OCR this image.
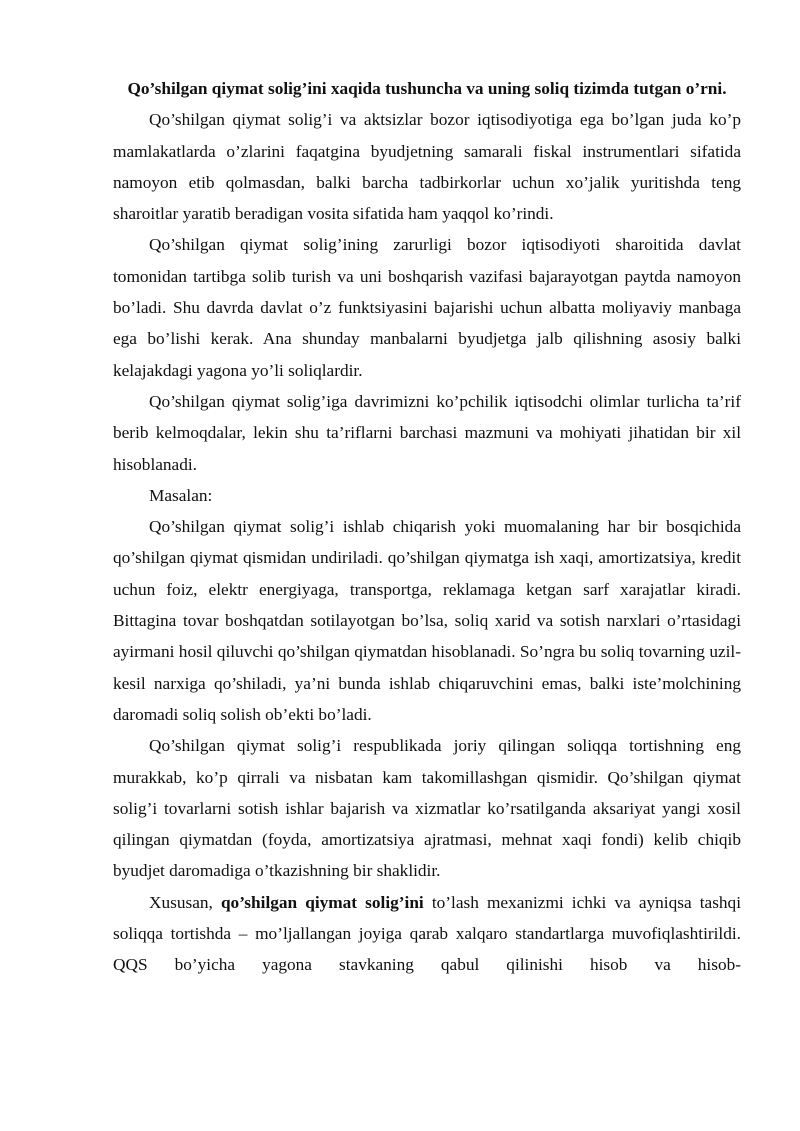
Qo’shilgan qiymat solig’ini xaqida tushuncha va uning soliq tizimda tutgan o’rni.

Qo’shilgan qiymat solig’i va aktsizlar bozor iqtisodiyotiga ega bo’lgan juda ko’p mamlakatlarda o’zlarini faqatgina byudjetning samarali fiskal instrumentlari sifatida namoyon etib qolmasdan, balki barcha tadbirkorlar uchun xo’jalik yuritishda teng sharoitlar yaratib beradigan vosita sifatida ham yaqqol ko’rindi.

Qo’shilgan qiymat solig’ining zarurligi bozor iqtisodiyoti sharoitida davlat tomonidan tartibga solib turish va uni boshqarish vazifasi bajarayotgan paytda namoyon bo’ladi. Shu davrda davlat o’z funktsiyasini bajarishi uchun albatta moliyaviy manbaga ega bo’lishi kerak. Ana shunday manbalarni byudjetga jalb qilishning asosiy balki kelajakdagi yagona yo’li soliqlardir.

Qo’shilgan qiymat solig’iga davrimizni ko’pchilik iqtisodchi olimlar turlicha ta’rif berib kelmoqdalar, lekin shu ta’riflarni barchasi mazmuni va mohiyati jihatidan bir xil hisoblanadi.

Masalan:

Qo’shilgan qiymat solig’i ishlab chiqarish yoki muomalaning har bir bosqichida qo’shilgan qiymat qismidan undiriladi. qo’shilgan qiymatga ish xaqi, amortizatsiya, kredit uchun foiz, elektr energiyaga, transportga, reklamaga ketgan sarf xarajatlar kiradi. Bittagina tovar boshqatdan sotilayotgan bo’lsa, soliq xarid va sotish narxlari o’rtasidagi ayirmani hosil qiluvchi qo’shilgan qiymatdan hisoblanadi. So’ngra bu soliq tovarning uzil-kesil narxiga qo’shiladi, ya’ni bunda ishlab chiqaruvchini emas, balki iste’molchining daromadi soliq solish ob’ekti bo’ladi.

Qo’shilgan qiymat solig’i respublikada joriy qilingan soliqqa tortishning eng murakkab, ko’p qirrali va nisbatan kam takomillashgan qismidir. Qo’shilgan qiymat solig’i tovarlarni sotish ishlar bajarish va xizmatlar ko’rsatilganda aksariyat yangi xosil qilingan qiymatdan (foyda, amortizatsiya ajratmasi, mehnat xaqi fondi) kelib chiqib byudjet daromadiga o’tkazishning bir shaklidir.

Xususan, qo’shilgan qiymat solig’ini to’lash mexanizmi ichki va ayniqsa tashqi soliqqa tortishda – mo’ljallangan joyiga qarab xalqaro standartlarga muvofiqlashtirildi. QQS bo’yicha yagona stavkaning qabul qilinishi hisob va hisob-
